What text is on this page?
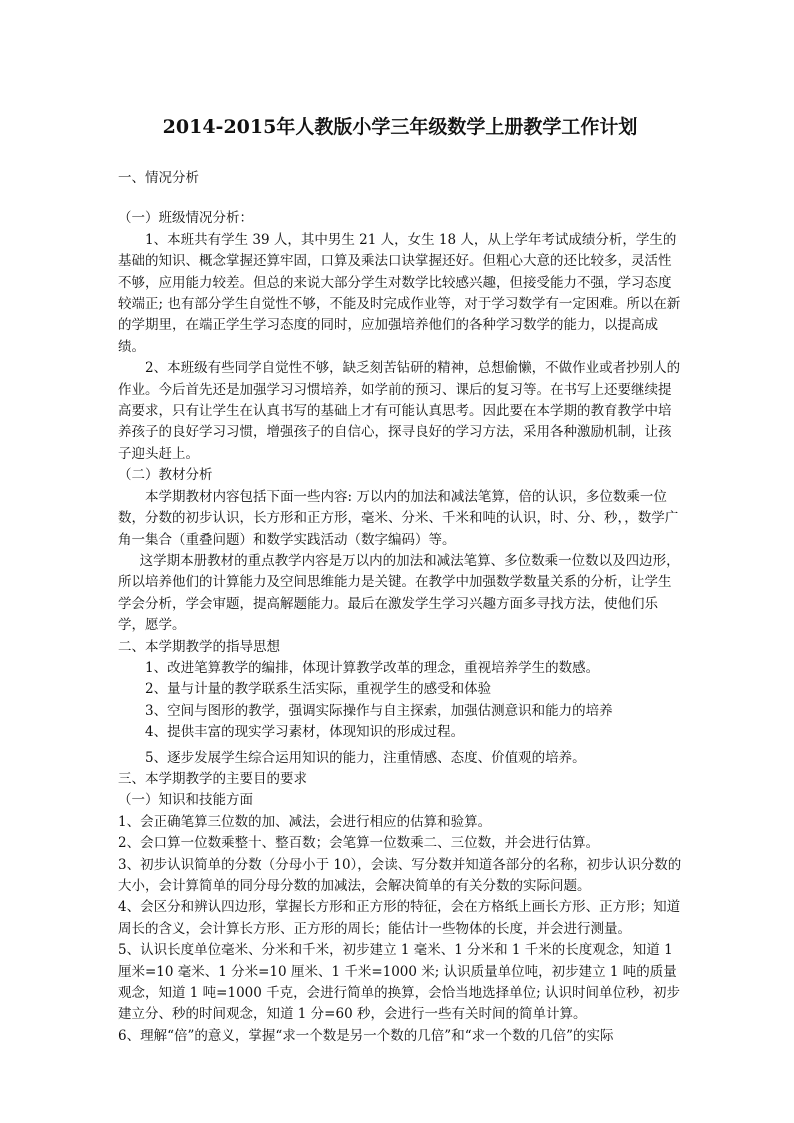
2014-2015年人教版小学三年级数学上册教学工作计划

一、情况分析

（一）班级情况分析：

1、本班共有学生 39 人，其中男生 21 人，女生 18 人，从上学年考试成绩分析，学生的基础的知识、概念掌握还算牢固，口算及乘法口诀掌握还好。但粗心大意的还比较多，灵活性不够，应用能力较差。但总的来说大部分学生对数学比较感兴趣，但接受能力不强，学习态度较端正; 也有部分学生自觉性不够，不能及时完成作业等，对于学习数学有一定困难。所以在新的学期里，在端正学生学习态度的同时，应加强培养他们的各种学习数学的能力，以提高成绩。

2、本班级有些同学自觉性不够，缺乏刻苦钻研的精神，总想偷懒，不做作业或者抄别人的作业。今后首先还是加强学习习惯培养，如学前的预习、课后的复习等。在书写上还要继续提高要求，只有让学生在认真书写的基础上才有可能认真思考。因此要在本学期的教育教学中培养孩子的良好学习习惯，增强孩子的自信心，探寻良好的学习方法，采用各种激励机制，让孩子迎头赶上。

（二）教材分析

本学期教材内容包括下面一些内容: 万以内的加法和减法笔算，倍的认识，多位数乘一位数，分数的初步认识，长方形和正方形，毫米、分米、千米和吨的认识，时、分、秒，，数学广角一集合（重叠问题）和数学实践活动（数字编码）等。

这学期本册教材的重点教学内容是万以内的加法和减法笔算、多位数乘一位数以及四边形，所以培养他们的计算能力及空间思维能力是关键。在教学中加强数学数量关系的分析，让学生学会分析，学会审题，提高解题能力。最后在激发学生学习兴趣方面多寻找方法，使他们乐学，愿学。

二、本学期教学的指导思想

1、改进笔算教学的编排，体现计算教学改革的理念，重视培养学生的数感。

2、量与计量的教学联系生活实际，重视学生的感受和体验

3、空间与图形的教学，强调实际操作与自主探索，加强估测意识和能力的培养

4、提供丰富的现实学习素材，体现知识的形成过程。

5、逐步发展学生综合运用知识的能力，注重情感、态度、价值观的培养。

三、本学期教学的主要目的要求

（一）知识和技能方面

1、会正确笔算三位数的加、减法，会进行相应的估算和验算。

2、会口算一位数乘整十、整百数；会笔算一位数乘二、三位数，并会进行估算。

3、初步认识简单的分数（分母小于 10），会读、写分数并知道各部分的名称，初步认识分数的大小，会计算简单的同分母分数的加减法，会解决简单的有关分数的实际问题。

4、会区分和辨认四边形，掌握长方形和正方形的特征，会在方格纸上画长方形、正方形；知道周长的含义，会计算长方形、正方形的周长；能估计一些物体的长度，并会进行测量。

5、认识长度单位毫米、分米和千米，初步建立 1 毫米、1 分米和 1 千米的长度观念，知道 1 厘米=10 毫米、1 分米=10 厘米、1 千米=1000 米; 认识质量单位吨，初步建立 1 吨的质量观念，知道 1 吨=1000 千克，会进行简单的换算，会恰当地选择单位; 认识时间单位秒，初步建立分、秒的时间观念，知道 1 分=60 秒，会进行一些有关时间的简单计算。

6、理解“倍”的意义，掌握“求一个数是另一个数的几倍”和“求一个数的几倍”的实际
